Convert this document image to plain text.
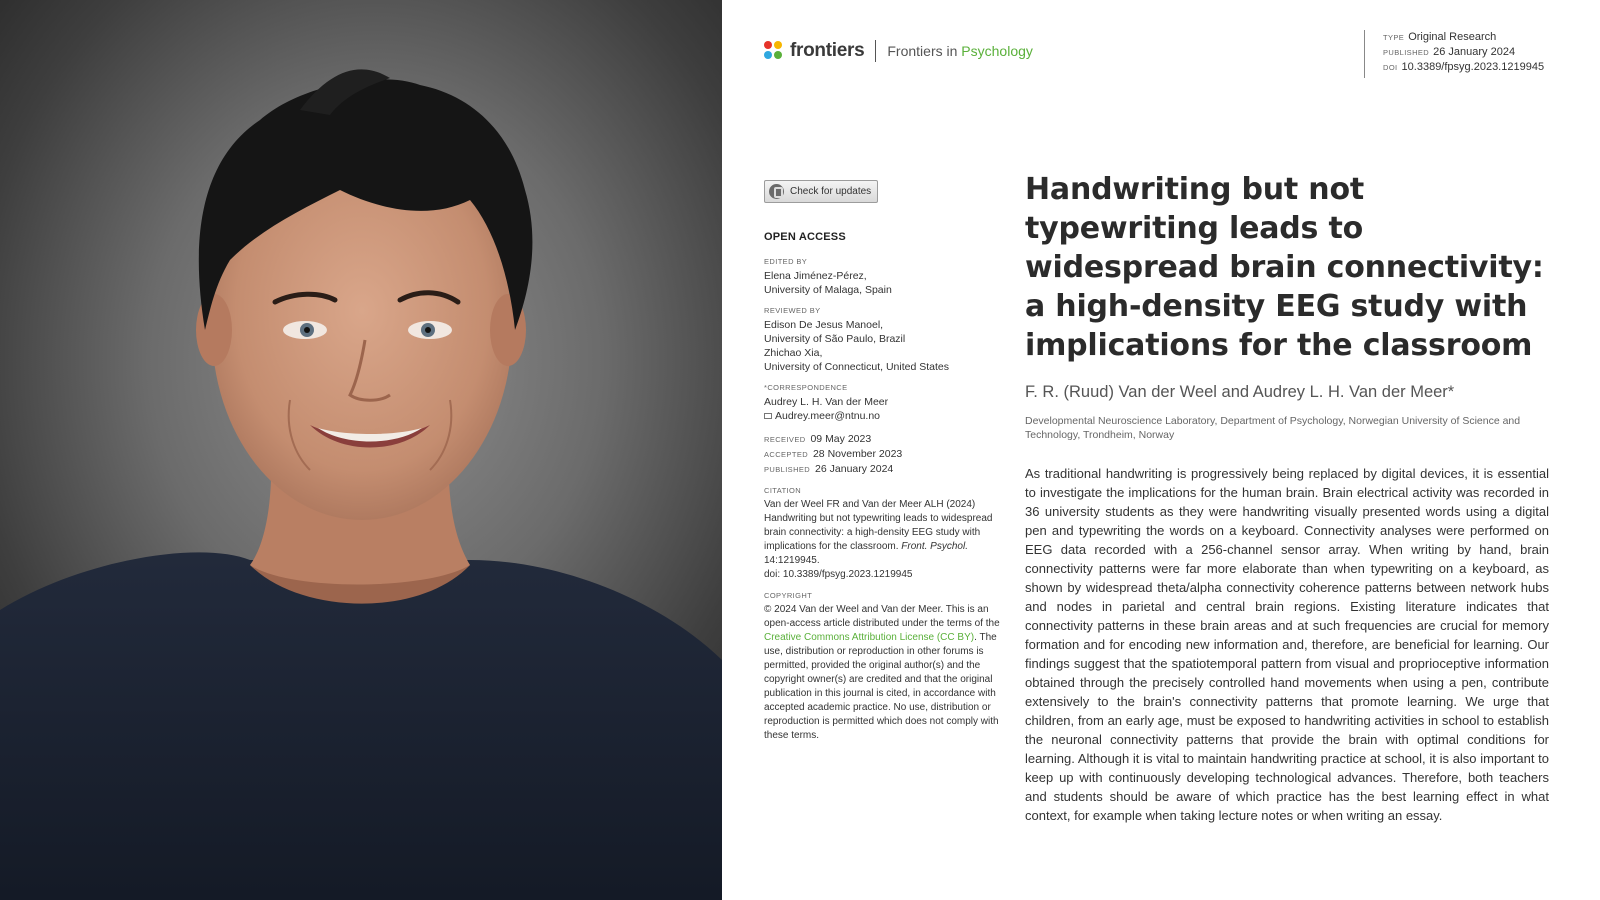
frontiers Frontiers in Psychology
TYPE Original Research
PUBLISHED 26 January 2024
DOI 10.3389/fpsyg.2023.1219945
Check for updates
OPEN ACCESS
EDITED BY
Elena Jiménez-Pérez,
University of Malaga, Spain
REVIEWED BY
Edison De Jesus Manoel,
University of São Paulo, Brazil
Zhichao Xia,
University of Connecticut, United States
*CORRESPONDENCE
Audrey L. H. Van der Meer
Audrey.meer@ntnu.no
RECEIVED 09 May 2023
ACCEPTED 28 November 2023
PUBLISHED 26 January 2024
CITATION
Van der Weel FR and Van der Meer ALH (2024) Handwriting but not typewriting leads to widespread brain connectivity: a high-density EEG study with implications for the classroom. Front. Psychol. 14:1219945.
doi: 10.3389/fpsyg.2023.1219945
COPYRIGHT
© 2024 Van der Weel and Van der Meer. This is an open-access article distributed under the terms of the Creative Commons Attribution License (CC BY). The use, distribution or reproduction in other forums is permitted, provided the original author(s) and the copyright owner(s) are credited and that the original publication in this journal is cited, in accordance with accepted academic practice. No use, distribution or reproduction is permitted which does not comply with these terms.
Handwriting but not typewriting leads to widespread brain connectivity: a high-density EEG study with implications for the classroom
F. R. (Ruud) Van der Weel and Audrey L. H. Van der Meer*
Developmental Neuroscience Laboratory, Department of Psychology, Norwegian University of Science and Technology, Trondheim, Norway

As traditional handwriting is progressively being replaced by digital devices, it is essential to investigate the implications for the human brain. Brain electrical activity was recorded in 36 university students as they were handwriting visually presented words using a digital pen and typewriting the words on a keyboard. Connectivity analyses were performed on EEG data recorded with a 256-channel sensor array. When writing by hand, brain connectivity patterns were far more elaborate than when typewriting on a keyboard, as shown by widespread theta/alpha connectivity coherence patterns between network hubs and nodes in parietal and central brain regions. Existing literature indicates that connectivity patterns in these brain areas and at such frequencies are crucial for memory formation and for encoding new information and, therefore, are beneficial for learning. Our findings suggest that the spatiotemporal pattern from visual and proprioceptive information obtained through the precisely controlled hand movements when using a pen, contribute extensively to the brain's connectivity patterns that promote learning. We urge that children, from an early age, must be exposed to handwriting activities in school to establish the neuronal connectivity patterns that provide the brain with optimal conditions for learning. Although it is vital to maintain handwriting practice at school, it is also important to keep up with continuously developing technological advances. Therefore, both teachers and students should be aware of which practice has the best learning effect in what context, for example when taking lecture notes or when writing an essay.
